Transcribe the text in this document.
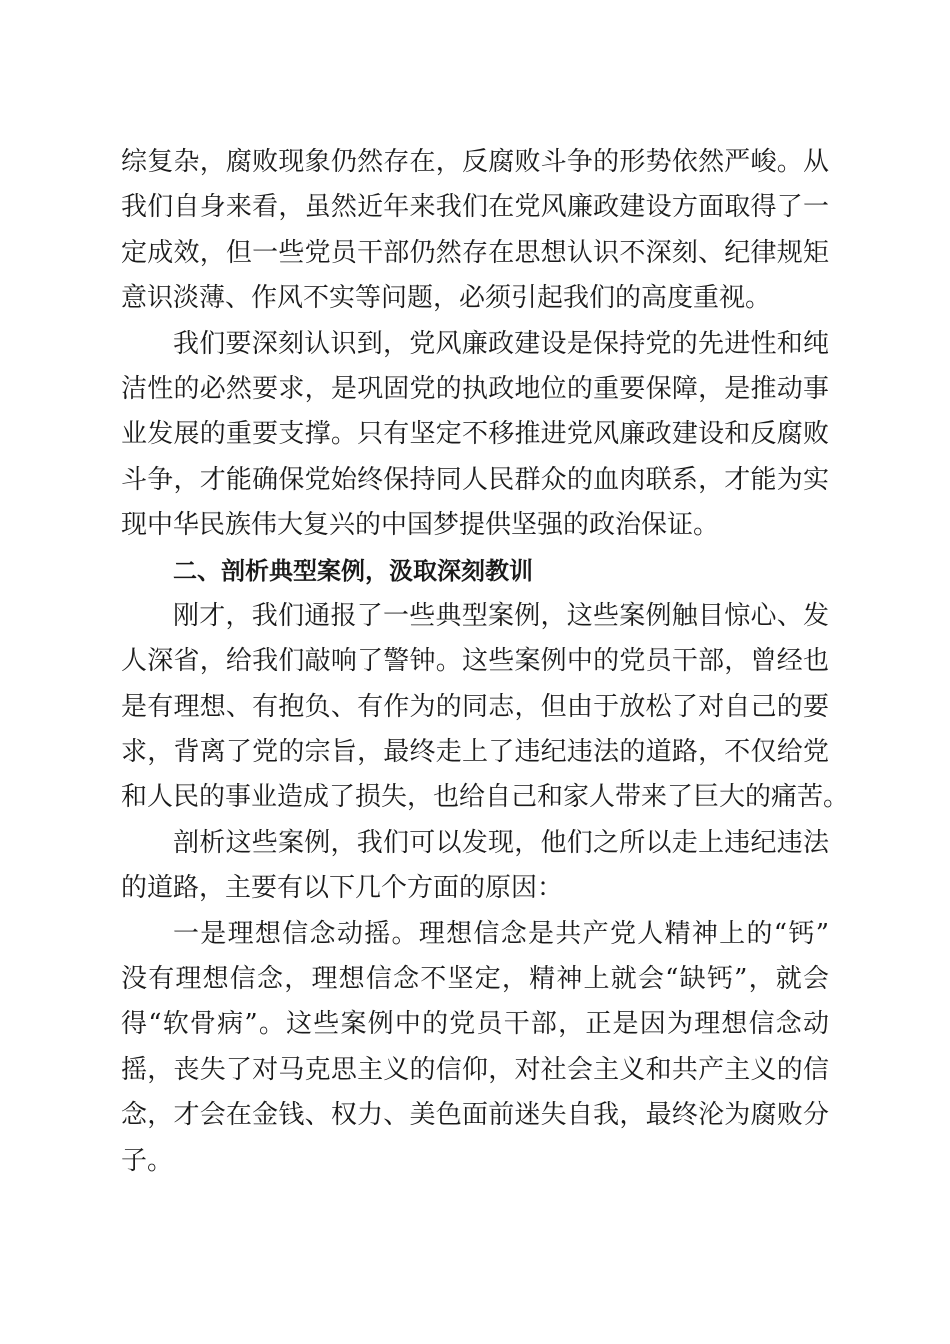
综复杂，腐败现象仍然存在，反腐败斗争的形势依然严峻。从
我们自身来看，虽然近年来我们在党风廉政建设方面取得了一
定成效，但一些党员干部仍然存在思想认识不深刻、纪律规矩
意识淡薄、作风不实等问题，必须引起我们的高度重视。
我们要深刻认识到，党风廉政建设是保持党的先进性和纯
洁性的必然要求，是巩固党的执政地位的重要保障，是推动事
业发展的重要支撑。只有坚定不移推进党风廉政建设和反腐败
斗争，才能确保党始终保持同人民群众的血肉联系，才能为实
现中华民族伟大复兴的中国梦提供坚强的政治保证。
二、剖析典型案例，汲取深刻教训
刚才，我们通报了一些典型案例，这些案例触目惊心、发
人深省，给我们敲响了警钟。这些案例中的党员干部，曾经也
是有理想、有抱负、有作为的同志，但由于放松了对自己的要
求，背离了党的宗旨，最终走上了违纪违法的道路，不仅给党
和人民的事业造成了损失，也给自己和家人带来了巨大的痛苦。
剖析这些案例，我们可以发现，他们之所以走上违纪违法
的道路，主要有以下几个方面的原因：
一是理想信念动摇。理想信念是共产党人精神上的“钙”
没有理想信念，理想信念不坚定，精神上就会“缺钙”，就会
得“软骨病”。这些案例中的党员干部，正是因为理想信念动
摇，丧失了对马克思主义的信仰，对社会主义和共产主义的信
念，才会在金钱、权力、美色面前迷失自我，最终沦为腐败分
子。
